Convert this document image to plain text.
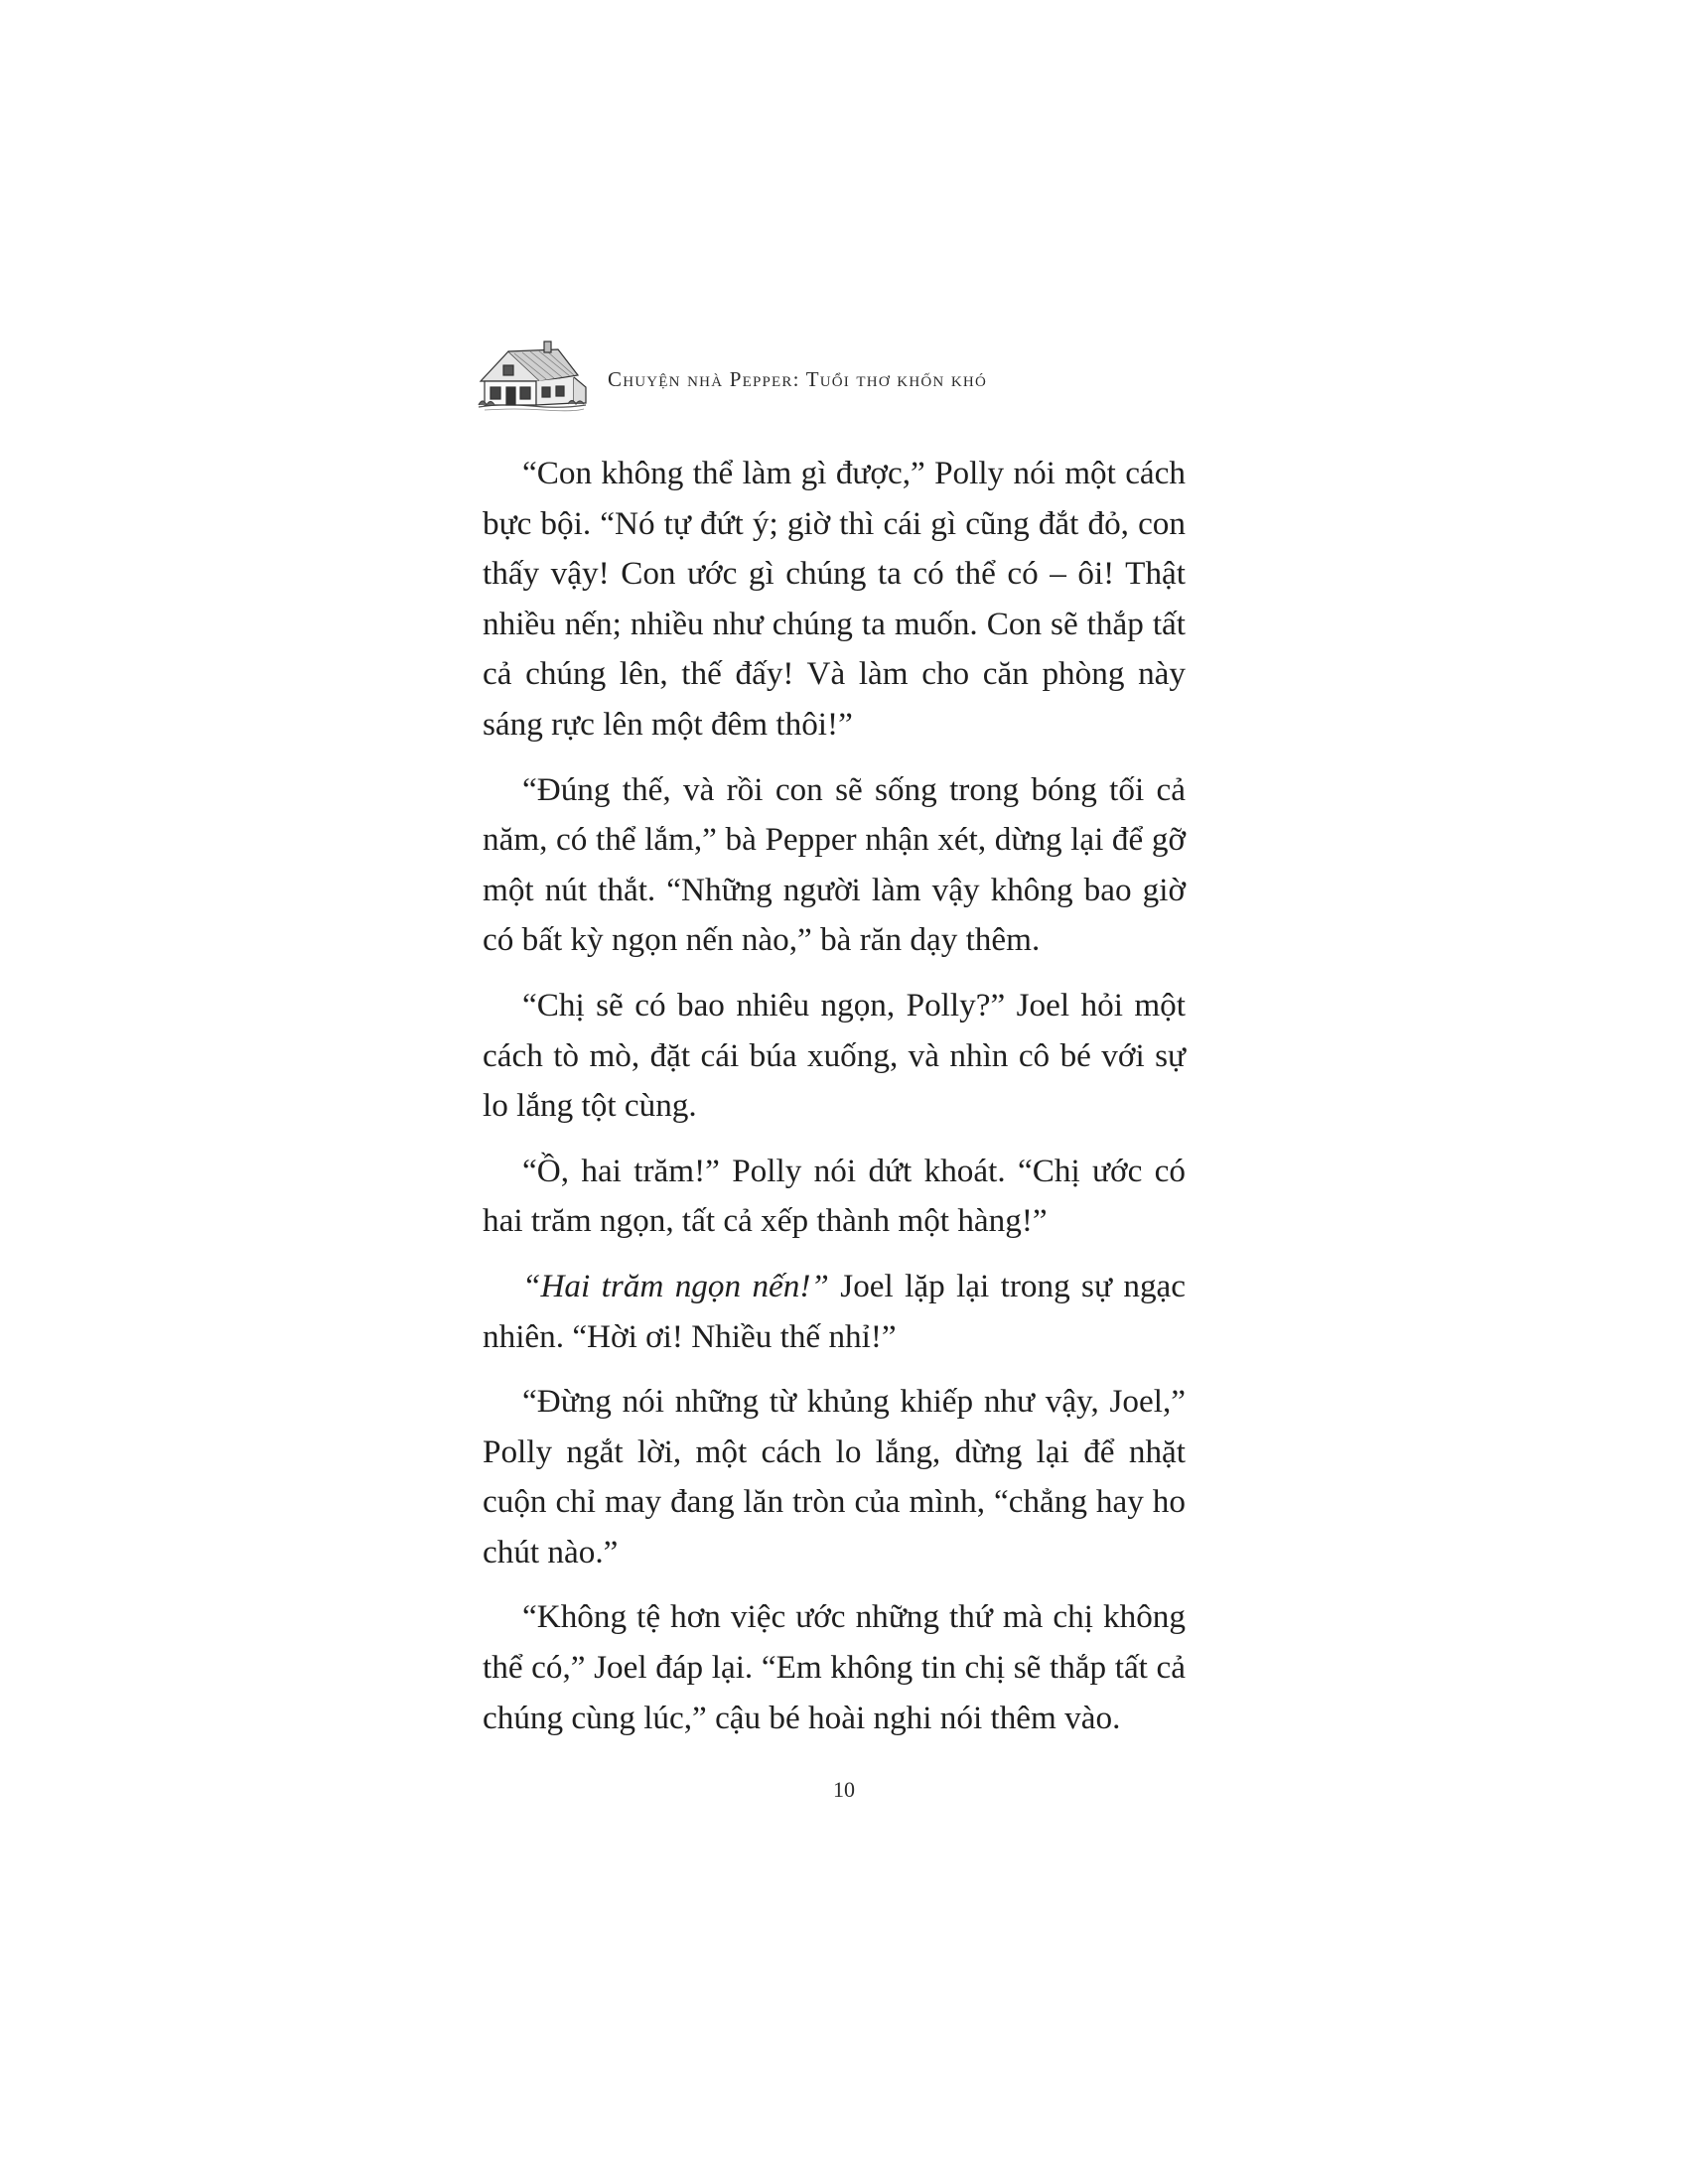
Chuyện nhà Pepper: Tuổi thơ khốn khó

“Con không thể làm gì được,” Polly nói một cách bực bội. “Nó tự đứt ý; giờ thì cái gì cũng đắt đỏ, con thấy vậy! Con ước gì chúng ta có thể có – ôi! Thật nhiều nến; nhiều như chúng ta muốn. Con sẽ thắp tất cả chúng lên, thế đấy! Và làm cho căn phòng này sáng rực lên một đêm thôi!”

“Đúng thế, và rồi con sẽ sống trong bóng tối cả năm, có thể lắm,” bà Pepper nhận xét, dừng lại để gỡ một nút thắt. “Những người làm vậy không bao giờ có bất kỳ ngọn nến nào,” bà răn dạy thêm.

“Chị sẽ có bao nhiêu ngọn, Polly?” Joel hỏi một cách tò mò, đặt cái búa xuống, và nhìn cô bé với sự lo lắng tột cùng.

“Ồ, hai trăm!” Polly nói dứt khoát. “Chị ước có hai trăm ngọn, tất cả xếp thành một hàng!”

“Hai trăm ngọn nến!” Joel lặp lại trong sự ngạc nhiên. “Hời ơi! Nhiều thế nhỉ!”

“Đừng nói những từ khủng khiếp như vậy, Joel,” Polly ngắt lời, một cách lo lắng, dừng lại để nhặt cuộn chỉ may đang lăn tròn của mình, “chẳng hay ho chút nào.”

“Không tệ hơn việc ước những thứ mà chị không thể có,” Joel đáp lại. “Em không tin chị sẽ thắp tất cả chúng cùng lúc,” cậu bé hoài nghi nói thêm vào.

10
